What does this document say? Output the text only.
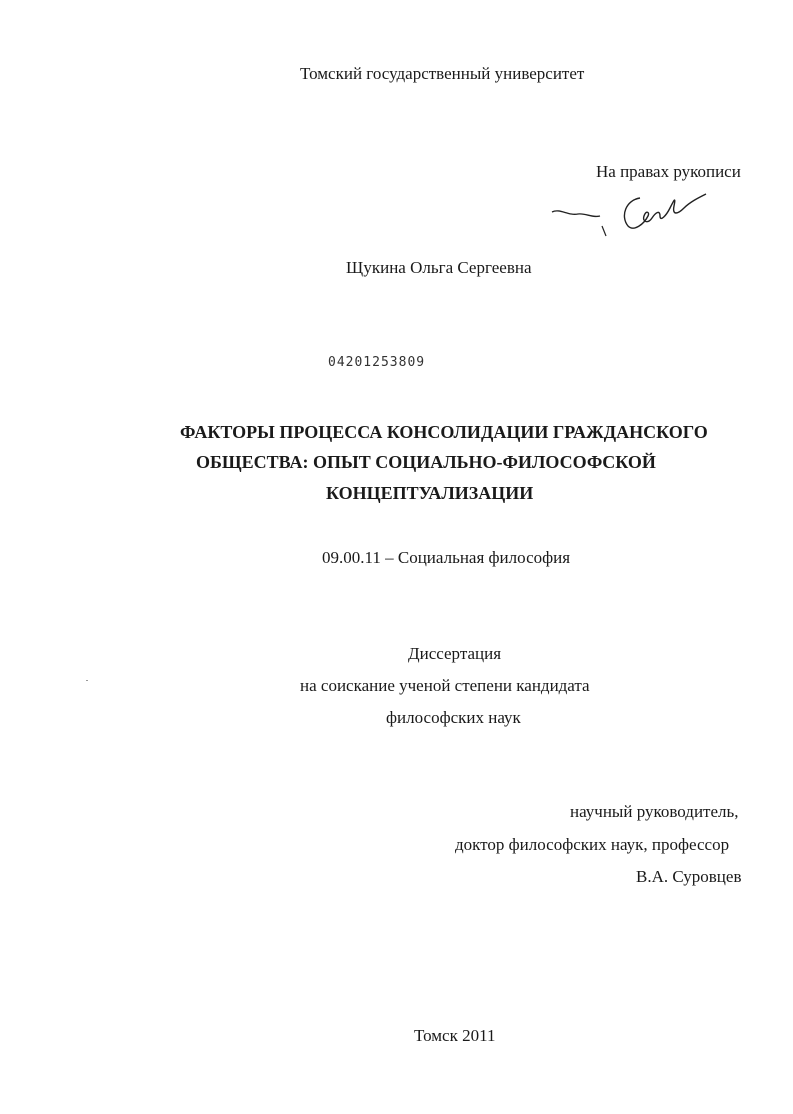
Томский государственный университет
На правах рукописи
Щукина Ольга Сергеевна
04201253809
ФАКТОРЫ ПРОЦЕССА КОНСОЛИДАЦИИ ГРАЖДАНСКОГО
ОБЩЕСТВА: ОПЫТ СОЦИАЛЬНО-ФИЛОСОФСКОЙ
КОНЦЕПТУАЛИЗАЦИИ
09.00.11 – Социальная философия
Диссертация
на соискание ученой степени кандидата
философских наук
научный руководитель,
доктор философских наук, профессор
В.А. Суровцев
Томск 2011
